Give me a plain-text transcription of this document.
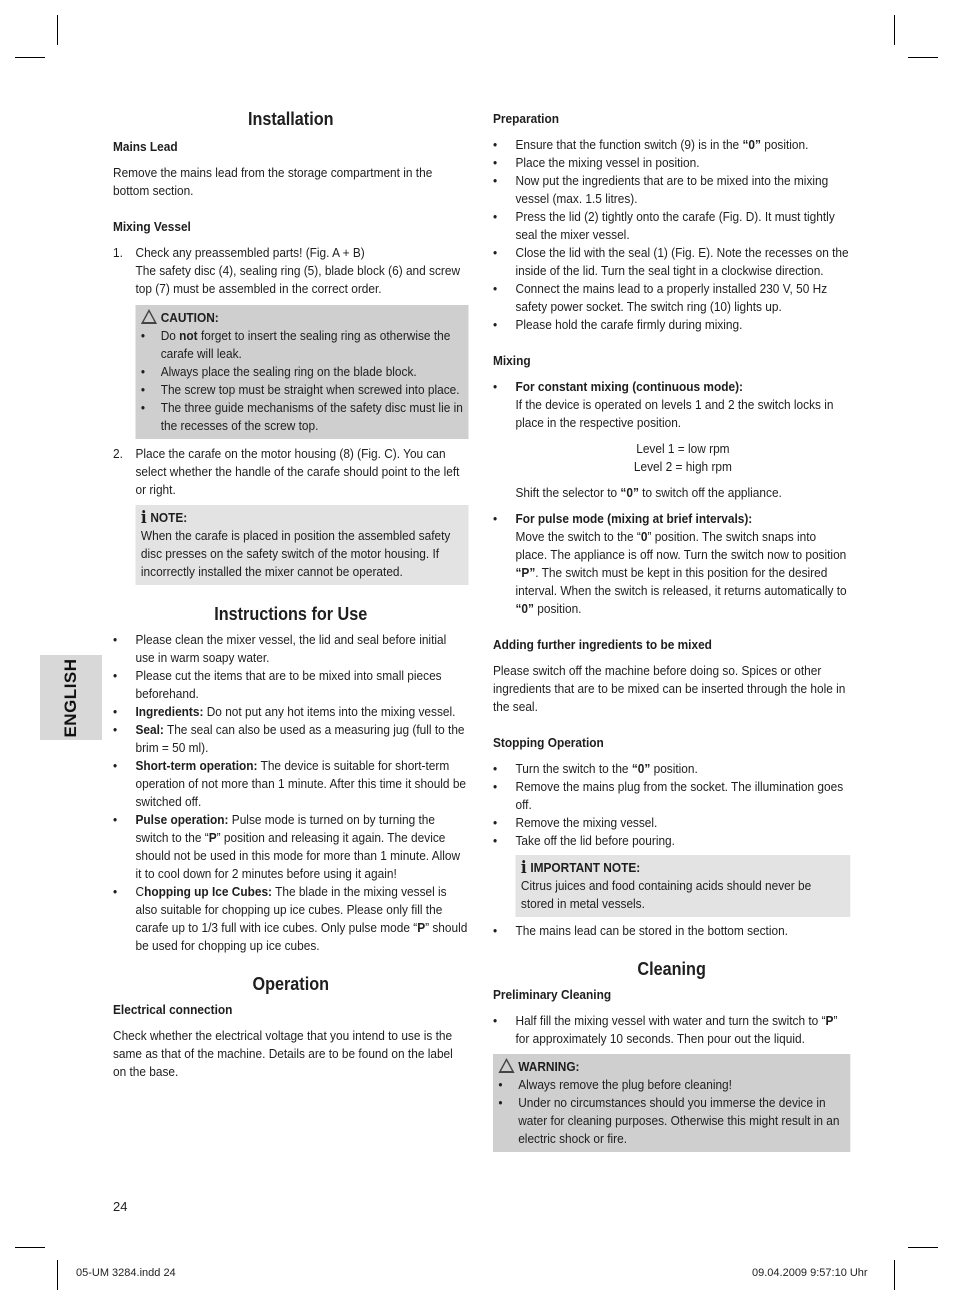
ENGLISH

Installation

Mains Lead

Remove the mains lead from the storage compartment in the bottom section.

Mixing Vessel

1. Check any preassembled parts! (Fig. A + B)

The safety disc (4), sealing ring (5), blade block (6) and screw top (7) must be assembled in the correct order.

CAUTION:

•	Do not forget to insert the sealing ring as otherwise the carafe will leak.
•	Always place the sealing ring on the blade block.
•	The screw top must be straight when screwed into place.
•	The three guide mechanisms of the safety disc must lie in the recesses of the screw top.
2. Place the carafe on the motor housing (8) (Fig. C). You can select whether the handle of the carafe should point to the left or right.

i NOTE:

When the carafe is placed in position the assembled safety disc presses on the safety switch of the motor housing. If incorrectly installed the mixer cannot be operated.

Instructions for Use

•	Please clean the mixer vessel, the lid and seal before initial use in warm soapy water.
•	Please cut the items that are to be mixed into small pieces beforehand.
•	Ingredients: Do not put any hot items into the mixing vessel.
•	Seal: The seal can also be used as a measuring jug (full to the brim = 50 ml).
•	Short-term operation: The device is suitable for short-term operation of not more than 1 minute. After this time it should be switched off.
•	Pulse operation: Pulse mode is turned on by turning the switch to the “P” position and releasing it again. The device should not be used in this mode for more than 1 minute. Allow it to cool down for 2 minutes before using it again!
•	Chopping up Ice Cubes: The blade in the mixing vessel is also suitable for chopping up ice cubes. Please only fill the carafe up to 1/3 full with ice cubes. Only pulse mode “P” should be used for chopping up ice cubes.

Operation

Electrical connection

Check whether the electrical voltage that you intend to use is the same as that of the machine. Details are to be found on the label on the base.

Preparation

•	Ensure that the function switch (9) is in the “0” position.
•	Place the mixing vessel in position.
•	Now put the ingredients that are to be mixed into the mixing vessel (max. 1.5 litres).
•	Press the lid (2) tightly onto the carafe (Fig. D). It must tightly seal the mixer vessel.
•	Close the lid with the seal (1) (Fig. E). Note the recesses on the inside of the lid. Turn the seal tight in a clockwise direction.
•	Connect the mains lead to a properly installed 230 V, 50 Hz safety power socket. The switch ring (10) lights up.
•	Please hold the carafe firmly during mixing.

Mixing

•	For constant mixing (continuous mode):

If the device is operated on levels 1 and 2 the switch locks in place in the respective position.

Level 1 = low rpm

Level 2 = high rpm

Shift the selector to “0” to switch off the appliance.

•	For pulse mode (mixing at brief intervals):

Move the switch to the “0” position. The switch snaps into place. The appliance is off now. Turn the switch now to position “P”. The switch must be kept in this position for the desired interval. When the switch is released, it returns automatically to “0” position.

Adding further ingredients to be mixed

Please switch off the machine before doing so. Spices or other ingredients that are to be mixed can be inserted through the hole in the seal.

Stopping Operation

•	Turn the switch to the “0” position.
•	Remove the mains plug from the socket. The illumination goes off.
•	Remove the mixing vessel.
•	Take off the lid before pouring.

i IMPORTANT NOTE:

Citrus juices and food containing acids should never be stored in metal vessels.

•	The mains lead can be stored in the bottom section.

Cleaning

Preliminary Cleaning

•	Half fill the mixing vessel with water and turn the switch to “P” for approximately 10 seconds. Then pour out the liquid.

WARNING:

•	Always remove the plug before cleaning!
•	Under no circumstances should you immerse the device in water for cleaning purposes. Otherwise this might result in an electric shock or fire.
24
05-UM 3284.indd 24	09.04.2009 9:57:10 Uhr
